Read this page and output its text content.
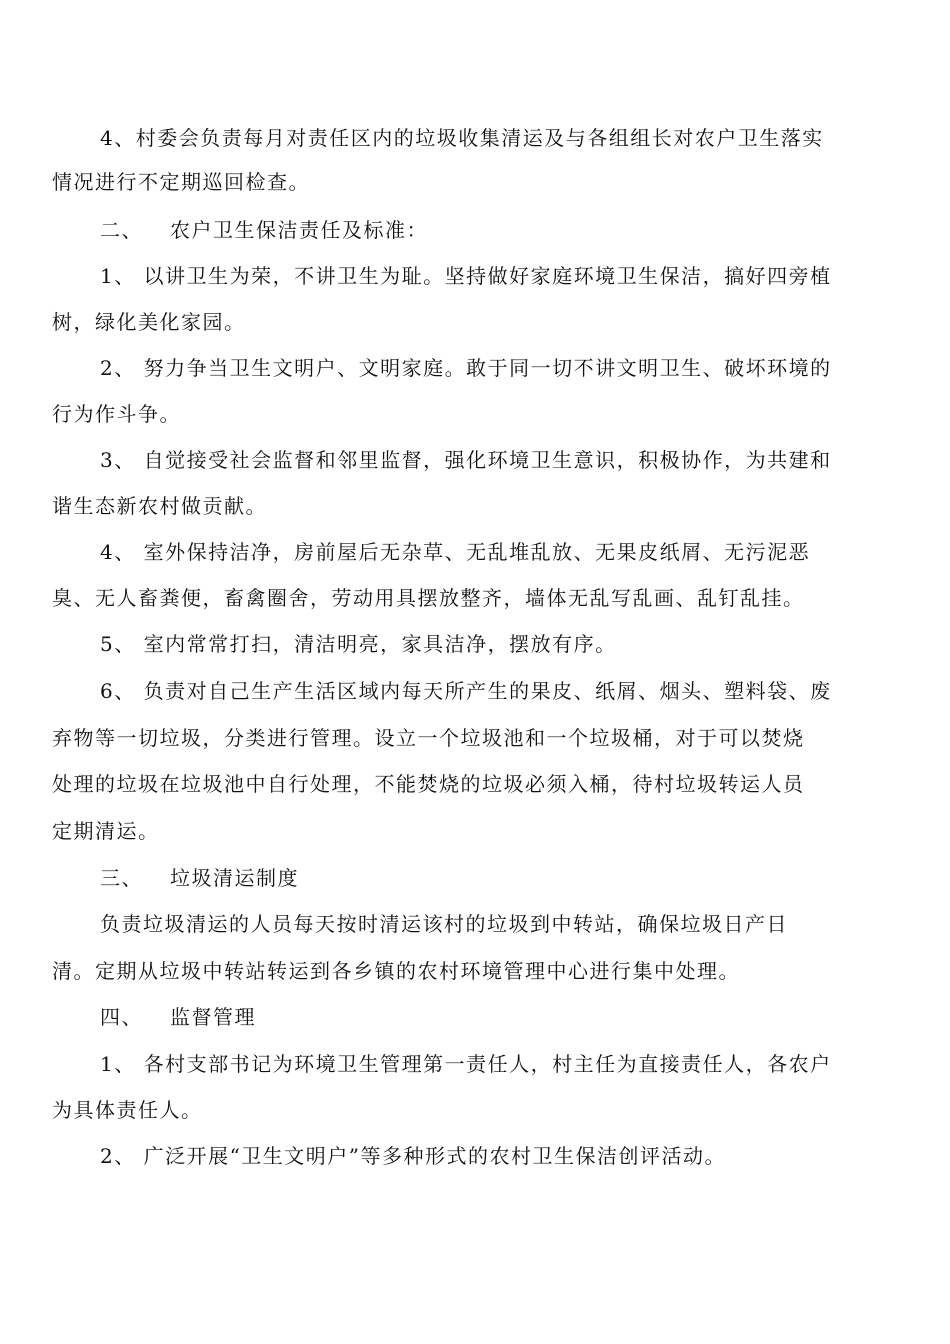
4、村委会负责每月对责任区内的垃圾收集清运及与各组组长对农户卫生落实

情况进行不定期巡回检查。

二、 农户卫生保洁责任及标准：

1、 以讲卫生为荣，不讲卫生为耻。坚持做好家庭环境卫生保洁，搞好四旁植

树，绿化美化家园。

2、 努力争当卫生文明户、文明家庭。敢于同一切不讲文明卫生、破坏环境的

行为作斗争。

3、 自觉接受社会监督和邻里监督，强化环境卫生意识，积极协作，为共建和

谐生态新农村做贡献。

4、 室外保持洁净，房前屋后无杂草、无乱堆乱放、无果皮纸屑、无污泥恶

臭、无人畜粪便，畜禽圈舍，劳动用具摆放整齐，墙体无乱写乱画、乱钉乱挂。

5、 室内常常打扫，清洁明亮，家具洁净，摆放有序。

6、 负责对自己生产生活区域内每天所产生的果皮、纸屑、烟头、塑料袋、废

弃物等一切垃圾，分类进行管理。设立一个垃圾池和一个垃圾桶，对于可以焚烧

处理的垃圾在垃圾池中自行处理，不能焚烧的垃圾必须入桶，待村垃圾转运人员

定期清运。

三、 垃圾清运制度

负责垃圾清运的人员每天按时清运该村的垃圾到中转站，确保垃圾日产日

清。定期从垃圾中转站转运到各乡镇的农村环境管理中心进行集中处理。

四、 监督管理

1、 各村支部书记为环境卫生管理第一责任人，村主任为直接责任人，各农户

为具体责任人。

2、 广泛开展“卫生文明户”等多种形式的农村卫生保洁创评活动。
